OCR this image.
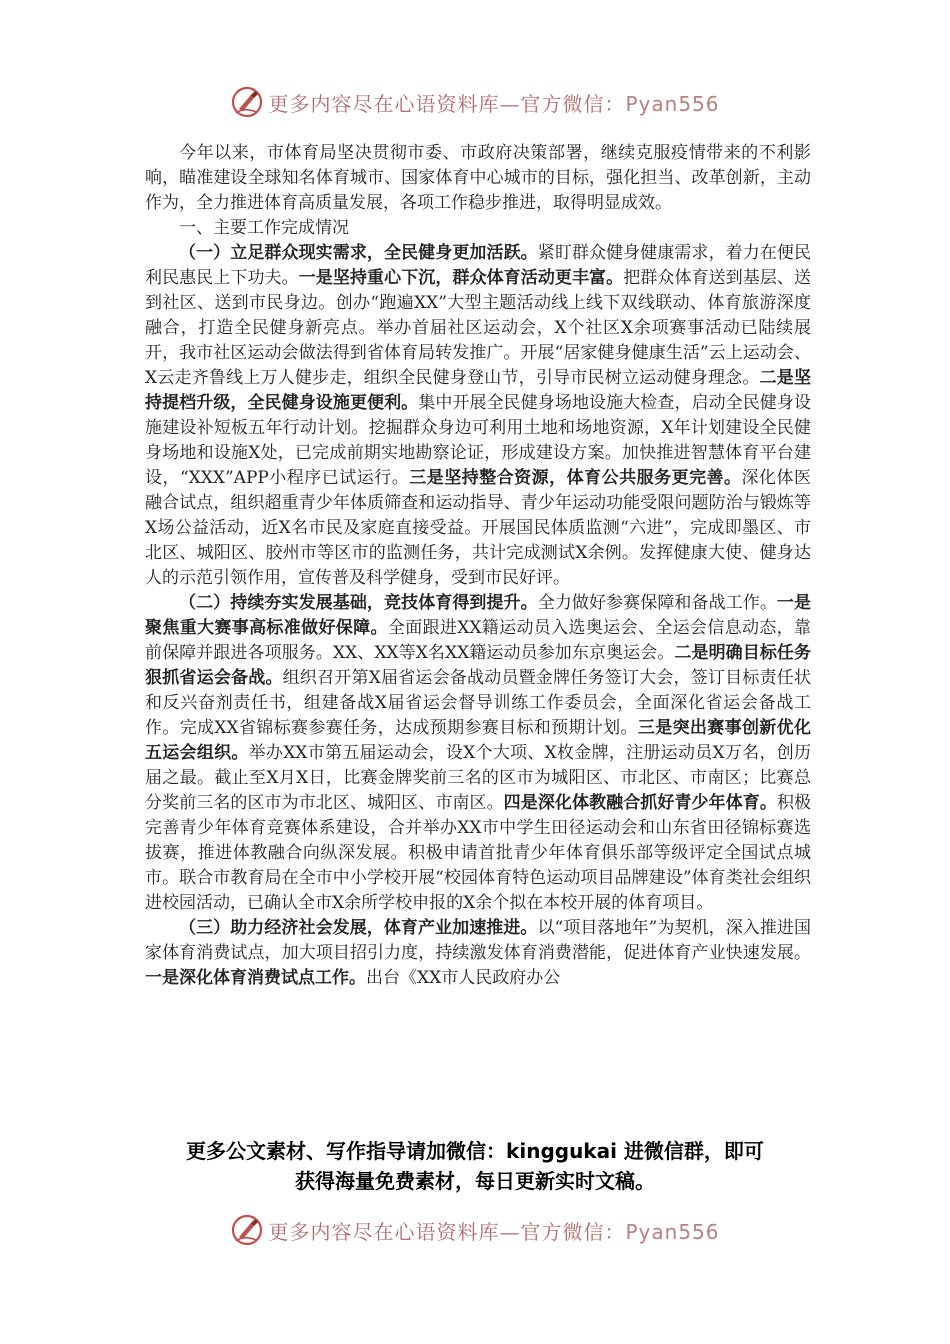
更多内容尽在心语资料库—官方微信：Pyan556

今年以来，市体育局坚决贯彻市委、市政府决策部署，继续克服疫情带来的不利影响，瞄准建设全球知名体育城市、国家体育中心城市的目标，强化担当、改革创新，主动作为，全力推进体育高质量发展，各项工作稳步推进，取得明显成效。

一、主要工作完成情况

（一）立足群众现实需求，全民健身更加活跃。紧盯群众健身健康需求，着力在便民利民惠民上下功夫。一是坚持重心下沉，群众体育活动更丰富。把群众体育送到基层、送到社区、送到市民身边。创办“跑遍XX”大型主题活动线上线下双线联动、体育旅游深度融合，打造全民健身新亮点。举办首届社区运动会，X个社区X余项赛事活动已陆续展开，我市社区运动会做法得到省体育局转发推广。开展“居家健身健康生活”云上运动会、X云走齐鲁线上万人健步走，组织全民健身登山节，引导市民树立运动健身理念。二是坚持提档升级，全民健身设施更便利。集中开展全民健身场地设施大检查，启动全民健身设施建设补短板五年行动计划。挖掘群众身边可利用土地和场地资源，X年计划建设全民健身场地和设施X处，已完成前期实地勘察论证，形成建设方案。加快推进智慧体育平台建设，“XXX”APP小程序已试运行。三是坚持整合资源，体育公共服务更完善。深化体医融合试点，组织超重青少年体质筛查和运动指导、青少年运动功能受限问题防治与锻炼等X场公益活动，近X名市民及家庭直接受益。开展国民体质监测“六进”，完成即墨区、市北区、城阳区、胶州市等区市的监测任务，共计完成测试X余例。发挥健康大使、健身达人的示范引领作用，宣传普及科学健身，受到市民好评。

（二）持续夯实发展基础，竞技体育得到提升。全力做好参赛保障和备战工作。一是聚焦重大赛事高标准做好保障。全面跟进XX籍运动员入选奥运会、全运会信息动态，靠前保障并跟进各项服务。XX、XX等X名XX籍运动员参加东京奥运会。二是明确目标任务狠抓省运会备战。组织召开第X届省运会备战动员暨金牌任务签订大会，签订目标责任状和反兴奋剂责任书，组建备战X届省运会督导训练工作委员会，全面深化省运会备战工作。完成XX省锦标赛参赛任务，达成预期参赛目标和预期计划。三是突出赛事创新优化五运会组织。举办XX市第五届运动会，设X个大项、X枚金牌，注册运动员X万名，创历届之最。截止至X月X日，比赛金牌奖前三名的区市为城阳区、市北区、市南区；比赛总分奖前三名的区市为市北区、城阳区、市南区。四是深化体教融合抓好青少年体育。积极完善青少年体育竞赛体系建设，合并举办XX市中学生田径运动会和山东省田径锦标赛选拔赛，推进体教融合向纵深发展。积极申请首批青少年体育俱乐部等级评定全国试点城市。联合市教育局在全市中小学校开展“校园体育特色运动项目品牌建设”体育类社会组织进校园活动，已确认全市X余所学校申报的X余个拟在本校开展的体育项目。

（三）助力经济社会发展，体育产业加速推进。以“项目落地年”为契机，深入推进国家体育消费试点，加大项目招引力度，持续激发体育消费潜能，促进体育产业快速发展。一是深化体育消费试点工作。出台《XX市人民政府办公

更多公文素材、写作指导请加微信：kinggukai 进微信群，即可
获得海量免费素材，每日更新实时文稿。
更多内容尽在心语资料库—官方微信：Pyan556
